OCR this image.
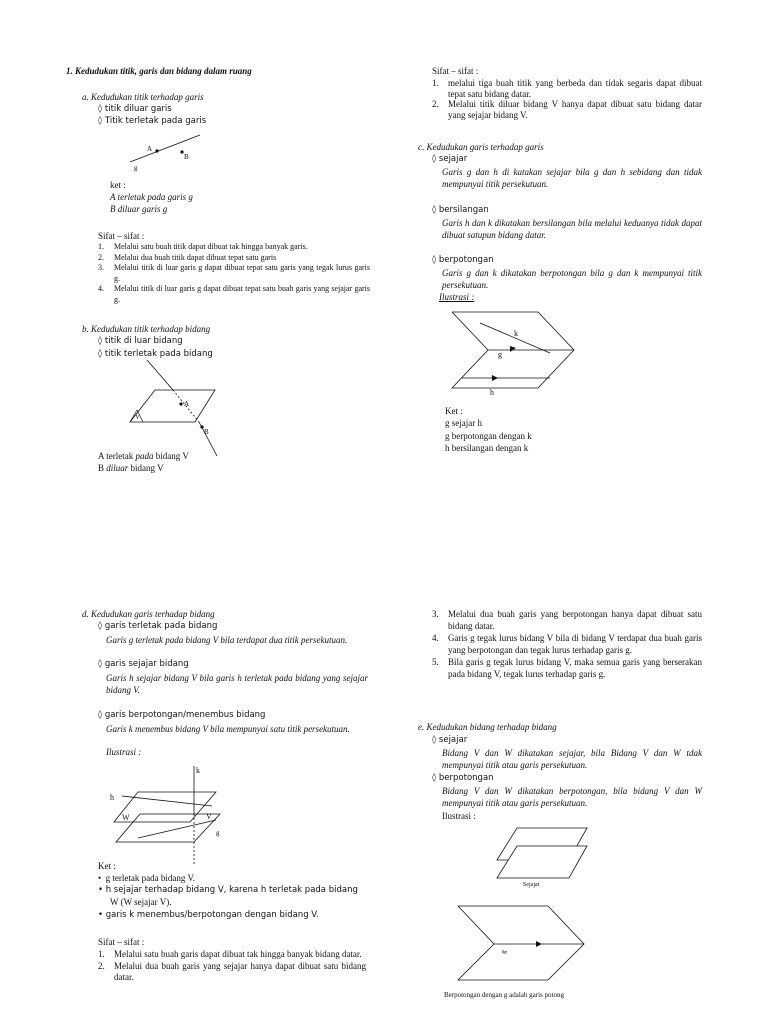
1. Kedudukan titik, garis dan bidang dalam ruang
a. Kedudukan titik terhadap garis
◊ titik diluar garis
◊ Titik terletak pada garis
A
B
g
ket :
A terletak pada garis g
B diluar garis g
Sifat – sifat :
1. Melalui satu buah titik dapat dibuat tak hingga banyak garis.
2. Melalui dua buah titik dapat dibuat tepat satu garis
3. Melalui titik di luar garis g dapat dibuat tepat satu garis yang tegak lurus garis g.
4. Melalui titik di luar garis g dapat dibuat tepat satu buah garis yang sejajar garis g.
b. Kedudukan titik terhadap bidang
◊ titik di luar bidang
◊ titik terletak pada bidang
A
B
V
A terletak pada bidang V
B diluar bidang V
Sifat – sifat :
1. melalui tiga buah titik yang berbeda dan tidak segaris dapat dibuat tepat satu bidang datar.
2. Melalui titik diluar bidang V hanya dapat dibuat satu bidang datar yang sejajar bidang V.
c. Kedudukan garis terhadap garis
◊ sejajar
Garis g dan h di katakan sejajar bila g dan h sebidang dan tidak mempunyai titik persekutuan.
◊ bersilangan
Garis h dan k dikatakan bersilangan bila melalui keduanya tidak dapat dibuat satupun bidang datar.
◊ berpotongan
Garis g dan k dikatakan berpotongan bila g dan k mempunyai titik persekutuan.
Ilustrasi :
k
g
h
Ket :
g sejajar h
g berpotongan dengan k
h bersilangan dengan k
d. Kedudukan garis terhadap bidang
◊ garis terletak pada bidang
Garis g terletak pada bidang V bila terdapat dua titik persekutuan.
◊ garis sejajar bidang
Garis h sejajar bidang V bila garis h terletak pada bidang yang sejajar bidang V.
◊ garis berpotongan/menembus bidang
Garis k menembus bidang V bila mempunyai satu titik persekutuan.
Ilustrasi :
k
h
W	V
g
Ket :
•  g terletak pada bidang V.
• h sejajar terhadap bidang V, karena h terletak pada bidang
W (W sejajar V).
• garis k menembus/berpotongan dengan bidang V.
Sifat – sifat :
1. Melalui satu buah garis dapat dibuat tak hingga banyak bidang datar.
2. Melalui dua buah garis yang sejajar hanya dapat dibuat satu bidang datar.
3. Melalui dua buah garis yang berpotongan hanya dapat dibuat satu bidang datar.
4. Garis g tegak lurus bidang V bila di bidang V terdapat dua buah garis yang berpotongan dan tegak lurus terhadap garis g.
5. Bila garis g tegak lurus bidang V, maka semua garis yang berserakan pada bidang V, tegak lurus terhadap garis g.
e. Kedudukan bidang terhadap bidang
◊ sejajar
Bidang V dan W dikatakan sejajar, bila Bidang V dan W tdak mempunyai titik atau garis persekutuan.
◊ berpotongan
Bidang V dan W dikatakan berpotongan, bila bidang V dan W mempunyai titik atau garis persekutuan.
Ilustrasi :
Sejajar
g
Berpotongan dengan g adalah garis potong
